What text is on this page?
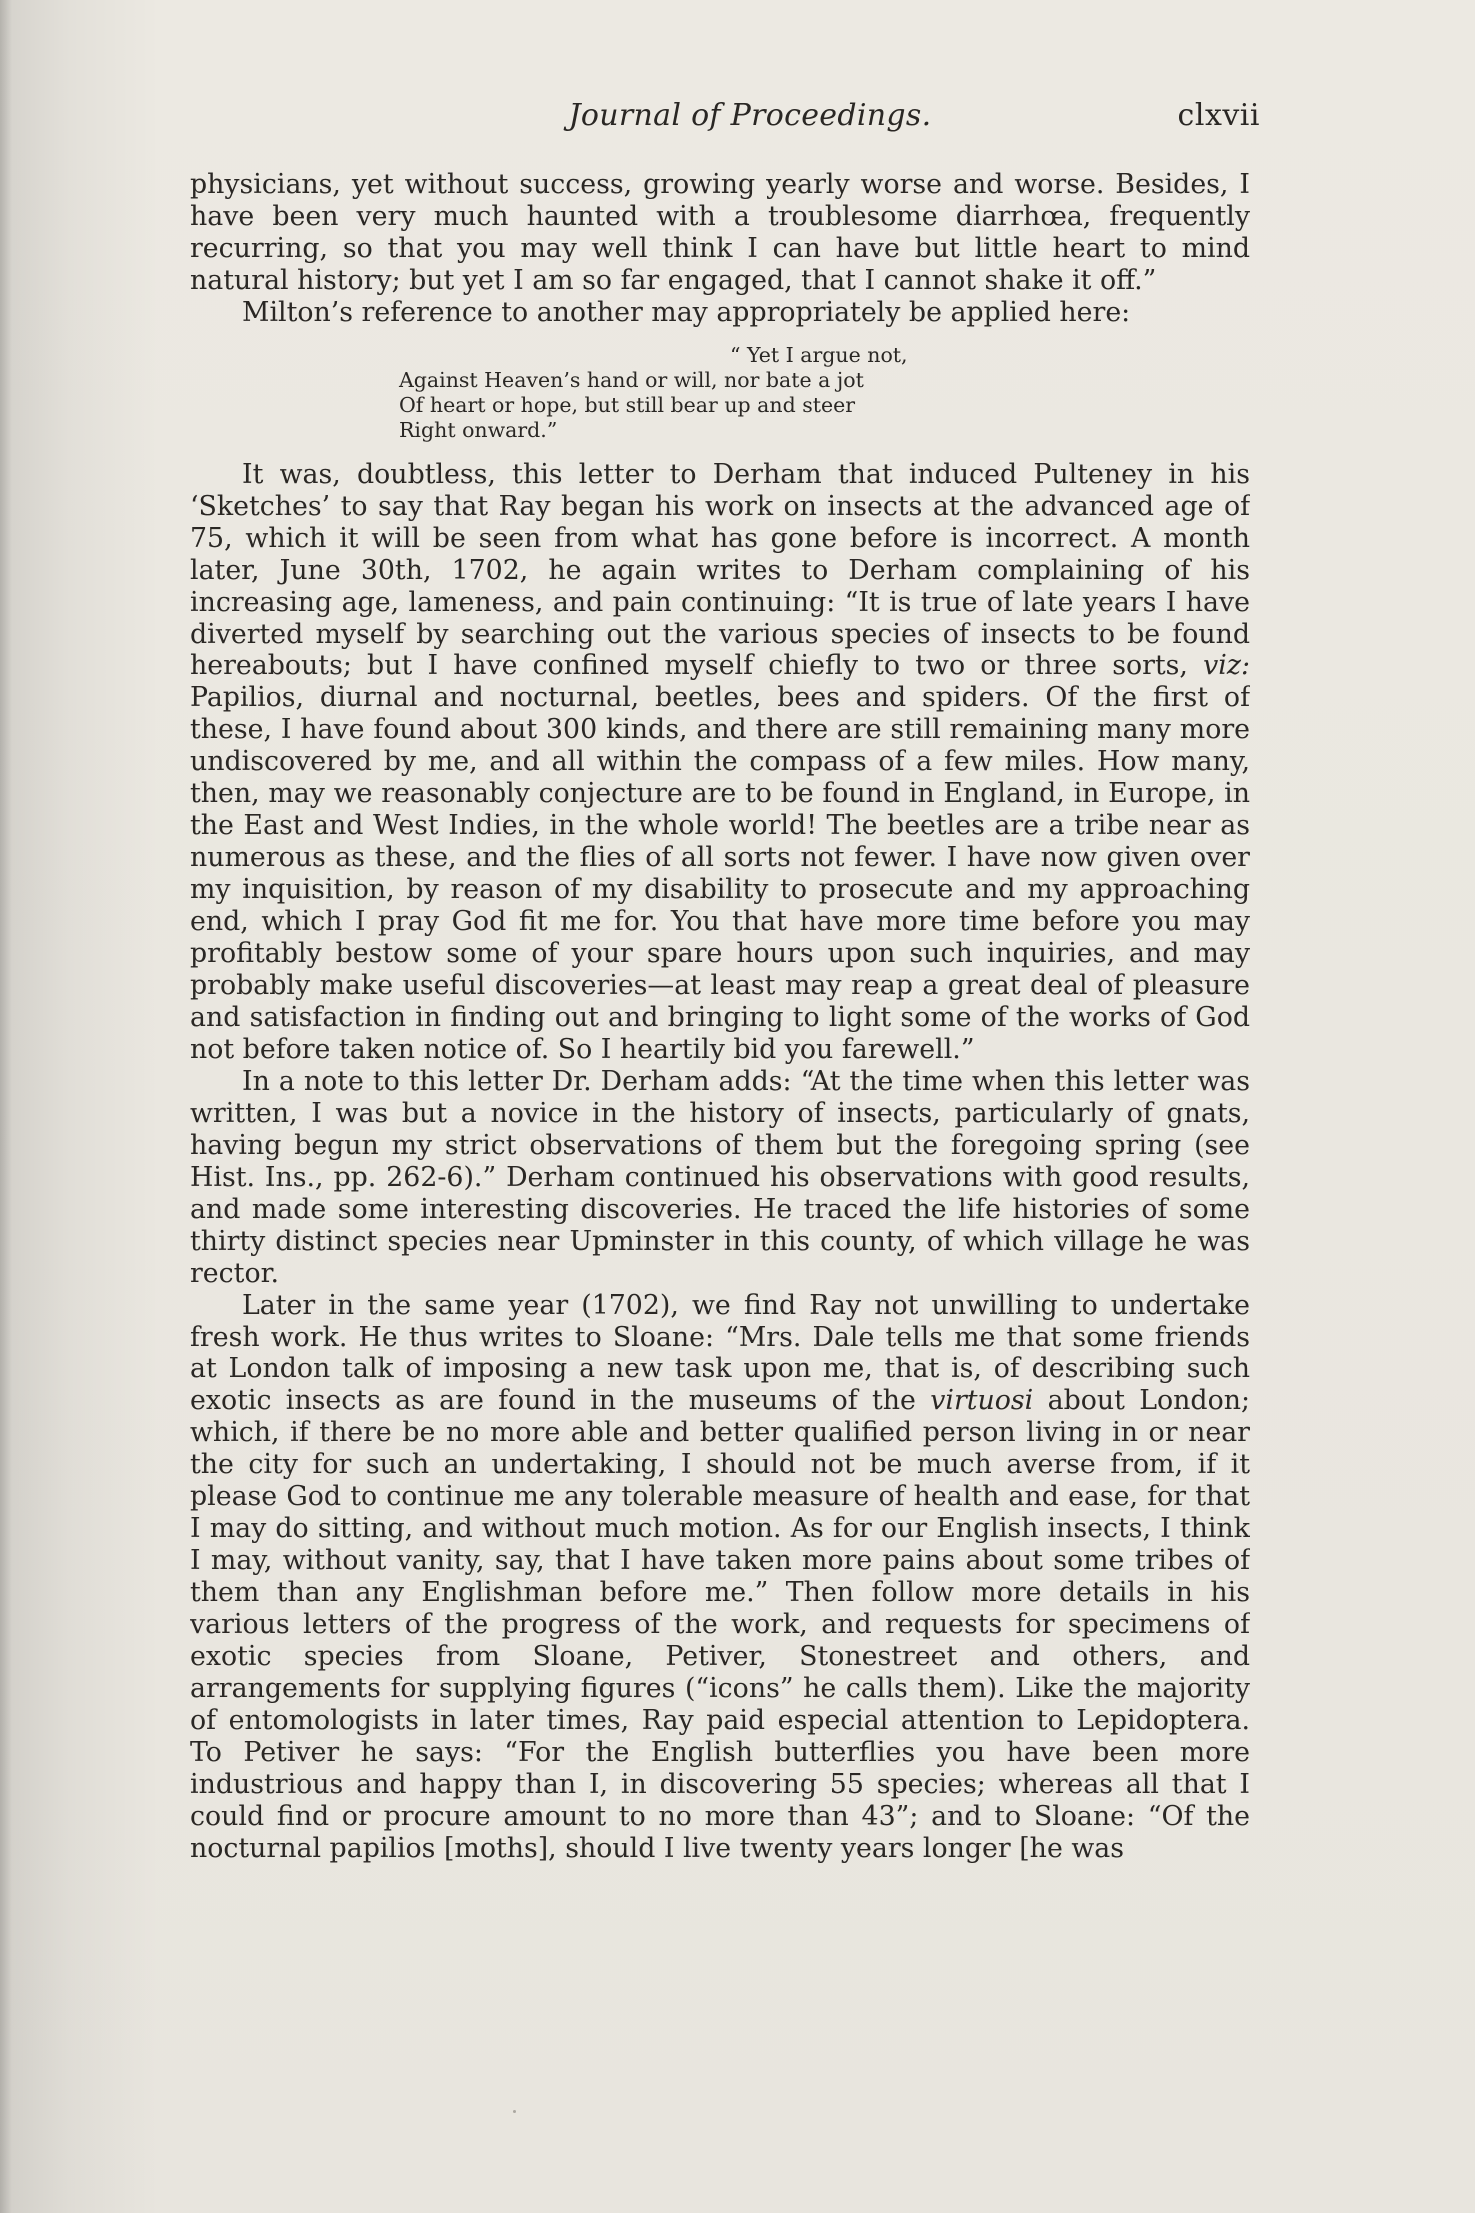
Journal of Proceedings.	clxvii

physicians, yet without success, growing yearly worse and worse. Besides, I have been very much haunted with a troublesome diarrhœa, frequently recurring, so that you may well think I can have but little heart to mind natural history; but yet I am so far engaged, that I cannot shake it off.”

Milton’s reference to another may appropriately be applied here:

“ Yet I argue not,
Against Heaven’s hand or will, nor bate a jot
Of heart or hope, but still bear up and steer
Right onward.”

It was, doubtless, this letter to Derham that induced Pulteney in his ‘Sketches’ to say that Ray began his work on insects at the advanced age of 75, which it will be seen from what has gone before is incorrect. A month later, June 30th, 1702, he again writes to Derham complaining of his increasing age, lameness, and pain continuing: “It is true of late years I have diverted myself by searching out the various species of insects to be found hereabouts; but I have confined myself chiefly to two or three sorts, viz: Papilios, diurnal and nocturnal, beetles, bees and spiders. Of the first of these, I have found about 300 kinds, and there are still remaining many more undiscovered by me, and all within the compass of a few miles. How many, then, may we reasonably conjecture are to be found in England, in Europe, in the East and West Indies, in the whole world! The beetles are a tribe near as numerous as these, and the flies of all sorts not fewer. I have now given over my inquisition, by reason of my disability to prosecute and my approaching end, which I pray God fit me for. You that have more time before you may profitably bestow some of your spare hours upon such inquiries, and may probably make useful discoveries—at least may reap a great deal of pleasure and satisfaction in finding out and bringing to light some of the works of God not before taken notice of. So I heartily bid you farewell.”

In a note to this letter Dr. Derham adds: “At the time when this letter was written, I was but a novice in the history of insects, particularly of gnats, having begun my strict observations of them but the foregoing spring (see Hist. Ins., pp. 262-6).” Derham continued his observations with good results, and made some interesting discoveries. He traced the life histories of some thirty distinct species near Upminster in this county, of which village he was rector.

Later in the same year (1702), we find Ray not unwilling to undertake fresh work. He thus writes to Sloane: “Mrs. Dale tells me that some friends at London talk of imposing a new task upon me, that is, of describing such exotic insects as are found in the museums of the virtuosi about London; which, if there be no more able and better qualified person living in or near the city for such an undertaking, I should not be much averse from, if it please God to continue me any tolerable measure of health and ease, for that I may do sitting, and without much motion. As for our English insects, I think I may, without vanity, say, that I have taken more pains about some tribes of them than any Englishman before me.” Then follow more details in his various letters of the progress of the work, and requests for specimens of exotic species from Sloane, Petiver, Stonestreet and others, and arrangements for supplying figures (“icons” he calls them). Like the majority of entomologists in later times, Ray paid especial attention to Lepidoptera. To Petiver he says: “For the English butterflies you have been more industrious and happy than I, in discovering 55 species; whereas all that I could find or procure amount to no more than 43”; and to Sloane: “Of the nocturnal papilios [moths], should I live twenty years longer [he was
